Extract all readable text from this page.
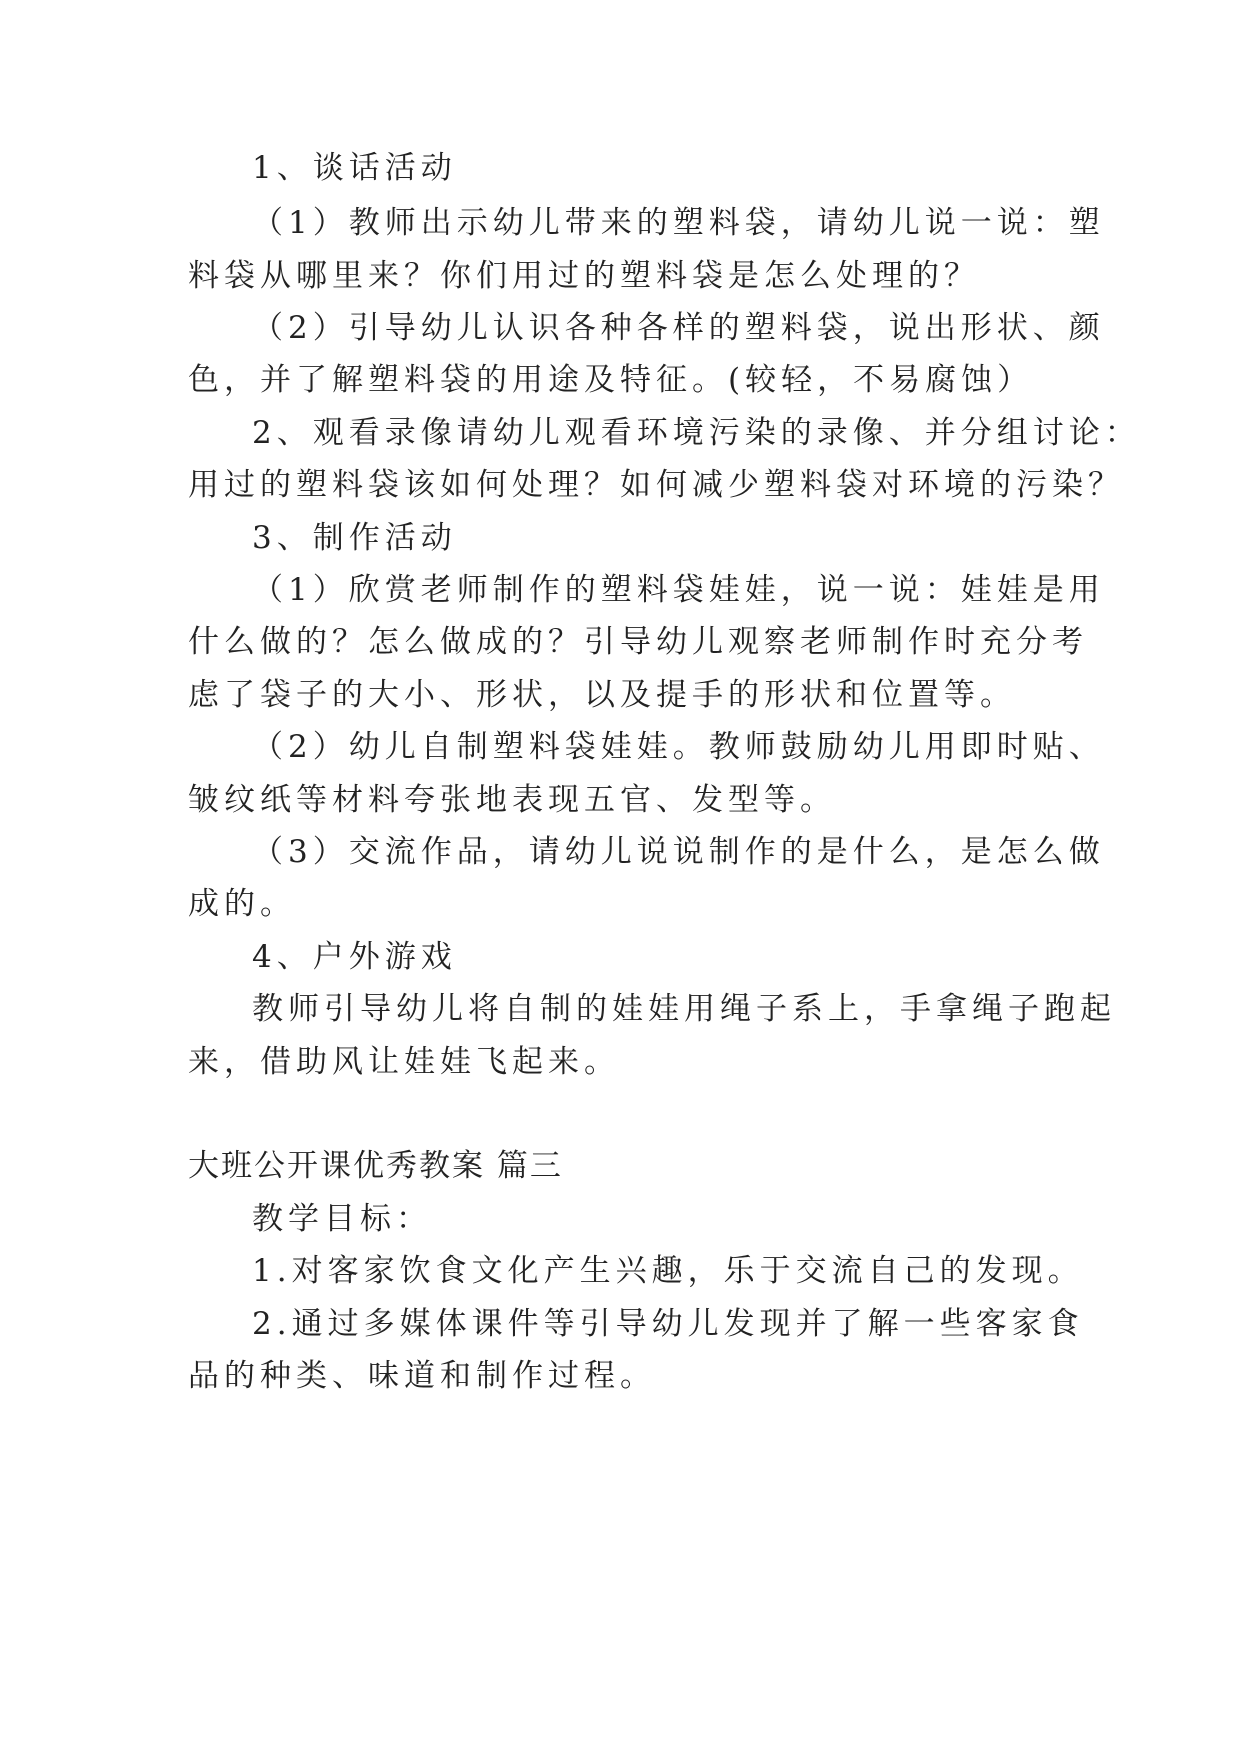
1、谈话活动
（1）教师出示幼儿带来的塑料袋，请幼儿说一说：塑
料袋从哪里来？你们用过的塑料袋是怎么处理的？
（2）引导幼儿认识各种各样的塑料袋，说出形状、颜
色，并了解塑料袋的用途及特征。(较轻，不易腐蚀）
2、观看录像请幼儿观看环境污染的录像、并分组讨论：
用过的塑料袋该如何处理？如何减少塑料袋对环境的污染？
3、制作活动
（1）欣赏老师制作的塑料袋娃娃，说一说：娃娃是用
什么做的？怎么做成的？引导幼儿观察老师制作时充分考
虑了袋子的大小、形状，以及提手的形状和位置等。
（2）幼儿自制塑料袋娃娃。教师鼓励幼儿用即时贴、
皱纹纸等材料夸张地表现五官、发型等。
（3）交流作品，请幼儿说说制作的是什么，是怎么做
成的。
4、户外游戏
教师引导幼儿将自制的娃娃用绳子系上，手拿绳子跑起
来，借助风让娃娃飞起来。
大班公开课优秀教案 篇三
教学目标：
1.对客家饮食文化产生兴趣，乐于交流自己的发现。
2.通过多媒体课件等引导幼儿发现并了解一些客家食
品的种类、味道和制作过程。
